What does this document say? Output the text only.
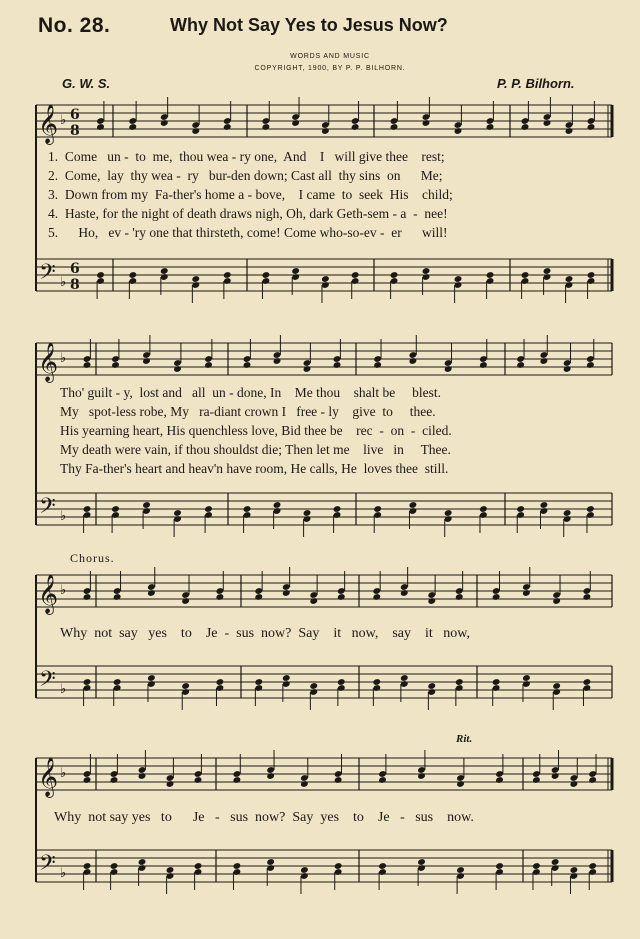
No. 28.	Why Not Say Yes to Jesus Now?
WORDS AND MUSIC
COPYRIGHT, 1900, BY P. P. BILHORN.
G. W. S.	P. P. Bilhorn.
1.  Come   un -  to  me,  thou wea - ry one,  And    I   will give thee    rest;
2.  Come,  lay  thy wea -  ry   bur-den down; Cast all  thy sins  on      Me;
3.  Down from my  Fa-ther's home a - bove,    I came  to  seek  His    child;
4.  Haste, for the night of death draws nigh, Oh, dark Geth-sem - a  -  nee!
5.      Ho,   ev - 'ry one that thirsteth, come! Come who-so-ev -  er      will!
Tho' guilt - y,  lost and   all  un - done, In    Me thou    shalt be     blest.
My   spot-less robe, My   ra-diant crown I   free - ly    give  to     thee.
His yearning heart, His quenchless love, Bid thee be    rec  -  on  -  ciled.
My death were vain, if thou shouldst die; Then let me    live   in     Thee.
Thy Fa-ther's heart and heav'n have room, He calls, He  loves thee  still.
Chorus.
Why  not  say   yes    to    Je  -  sus  now?  Say    it   now,    say    it   now,
Why  not say yes   to      Je   -   sus  now?  Say  yes    to    Je   -   sus    now.
Rit.
𝄞 ♭ 6
8
𝄢 ♭
6
8
𝄞 ♭
𝄢 ♭
𝄞 ♭
𝄢 ♭
𝄞 ♭
𝄢 ♭
